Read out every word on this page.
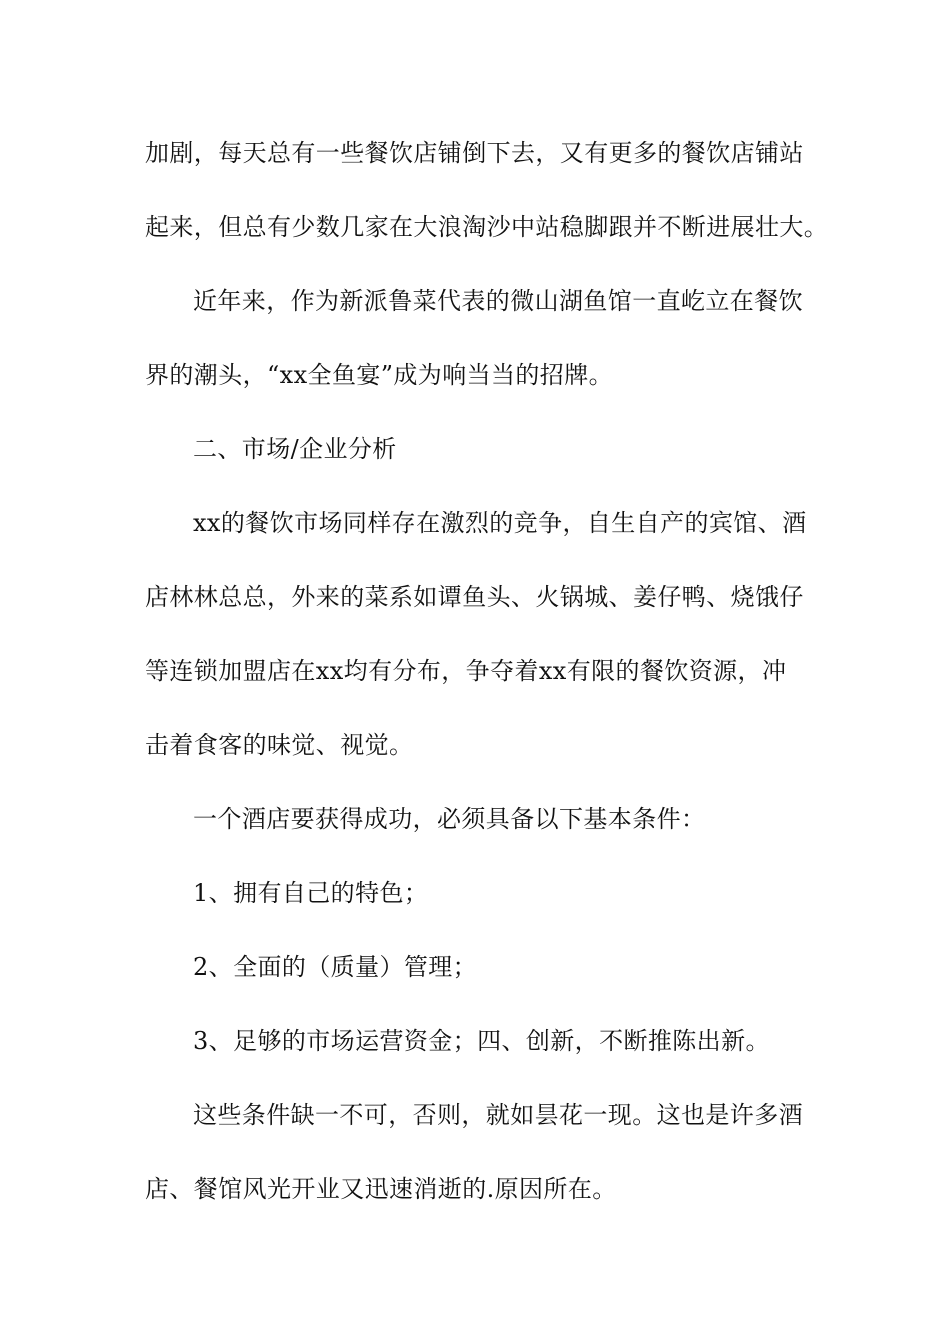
加剧，每天总有一些餐饮店铺倒下去，又有更多的餐饮店铺站
起来，但总有少数几家在大浪淘沙中站稳脚跟并不断进展壮大。
近年来，作为新派鲁菜代表的微山湖鱼馆一直屹立在餐饮
界的潮头，“xx全鱼宴”成为响当当的招牌。
二、市场/企业分析
xx的餐饮市场同样存在激烈的竞争，自生自产的宾馆、酒
店林林总总，外来的菜系如谭鱼头、火锅城、姜仔鸭、烧饿仔
等连锁加盟店在xx均有分布，争夺着xx有限的餐饮资源，冲
击着食客的味觉、视觉。
一个酒店要获得成功，必须具备以下基本条件：
1、拥有自己的特色；
2、全面的（质量）管理；
3、足够的市场运营资金；四、创新，不断推陈出新。
这些条件缺一不可，否则，就如昙花一现。这也是许多酒
店、餐馆风光开业又迅速消逝的.原因所在。
